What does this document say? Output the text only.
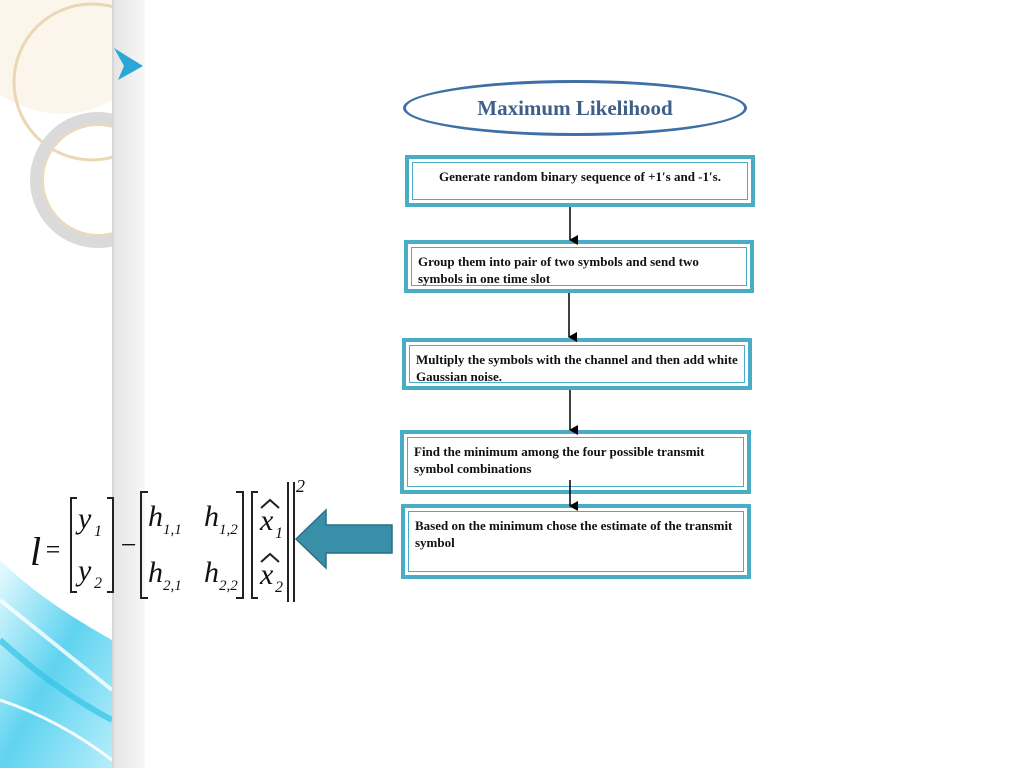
Maximum Likelihood
Generate random binary sequence of +1′s and -1′s.
Group them into pair of two symbols and send two symbols in one time slot
Multiply the symbols with the channel and then add white Gaussian noise.
Find the minimum among the four possible transmit symbol combinations
Based on the minimum chose the estimate of the transmit symbol
l =
y 1
y 2
−
h 1,1 h 1,2
h 2,1 h 2,2
x 1
x 2
2
